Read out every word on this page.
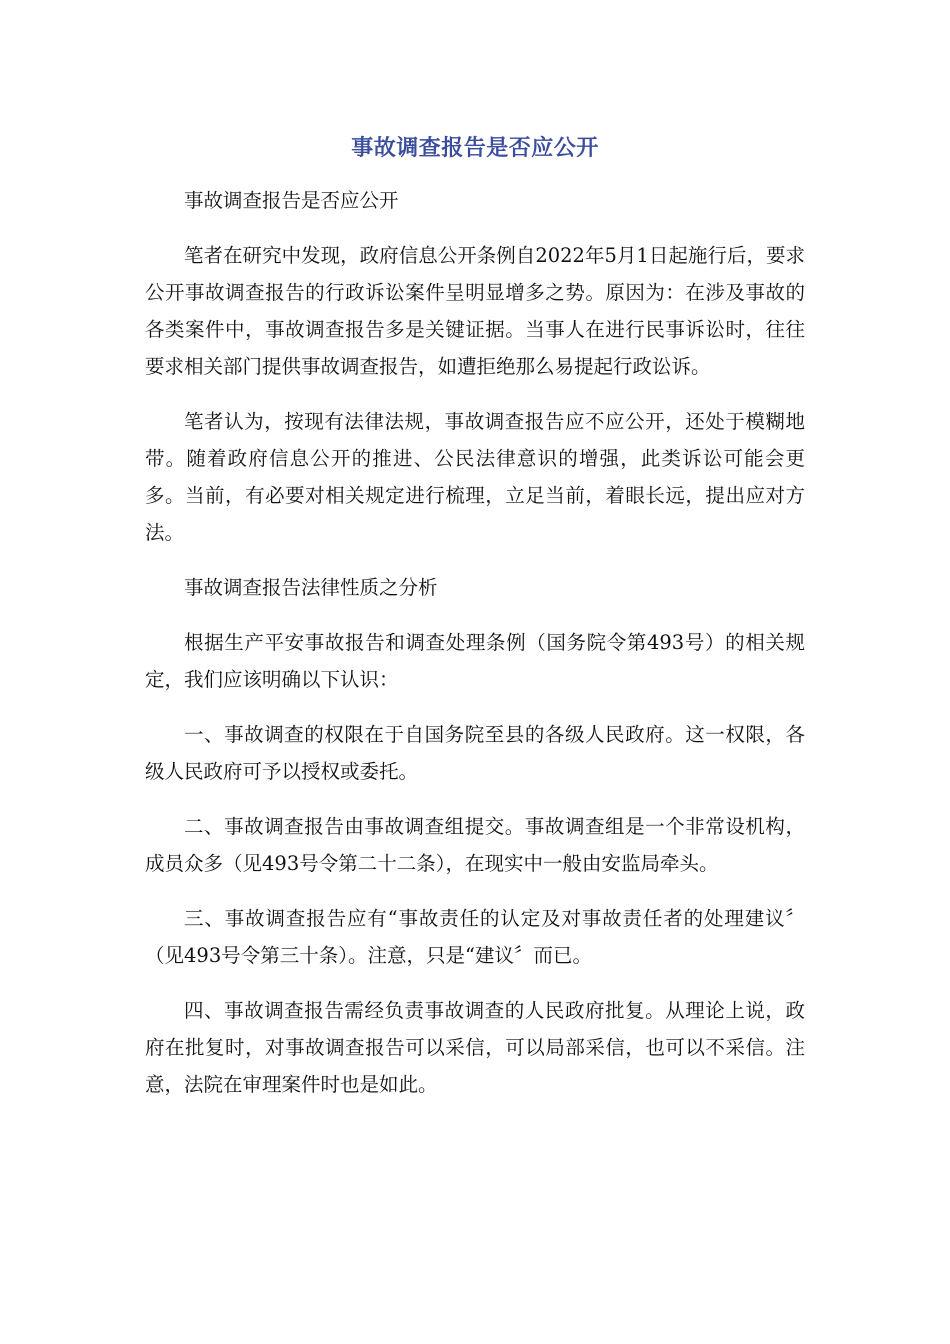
事故调查报告是否应公开

事故调查报告是否应公开

笔者在研究中发现，政府信息公开条例自2022年5月1日起施行后，要求公开事故调查报告的行政诉讼案件呈明显增多之势。原因为：在涉及事故的各类案件中，事故调查报告多是关键证据。当事人在进行民事诉讼时，往往要求相关部门提供事故调查报告，如遭拒绝那么易提起行政讼诉。

笔者认为，按现有法律法规，事故调查报告应不应公开，还处于模糊地带。随着政府信息公开的推进、公民法律意识的增强，此类诉讼可能会更多。当前，有必要对相关规定进行梳理，立足当前，着眼长远，提出应对方法。

事故调查报告法律性质之分析

根据生产平安事故报告和调查处理条例（国务院令第493号）的相关规定，我们应该明确以下认识：

一、事故调查的权限在于自国务院至县的各级人民政府。这一权限，各级人民政府可予以授权或委托。

二、事故调查报告由事故调查组提交。事故调查组是一个非常设机构，成员众多（见493号令第二十二条），在现实中一般由安监局牵头。

三、事故调查报告应有“事故责任的认定及对事故责任者的处理建议〞（见493号令第三十条）。注意，只是“建议〞而已。

四、事故调查报告需经负责事故调查的人民政府批复。从理论上说，政府在批复时，对事故调查报告可以采信，可以局部采信，也可以不采信。注意，法院在审理案件时也是如此。
